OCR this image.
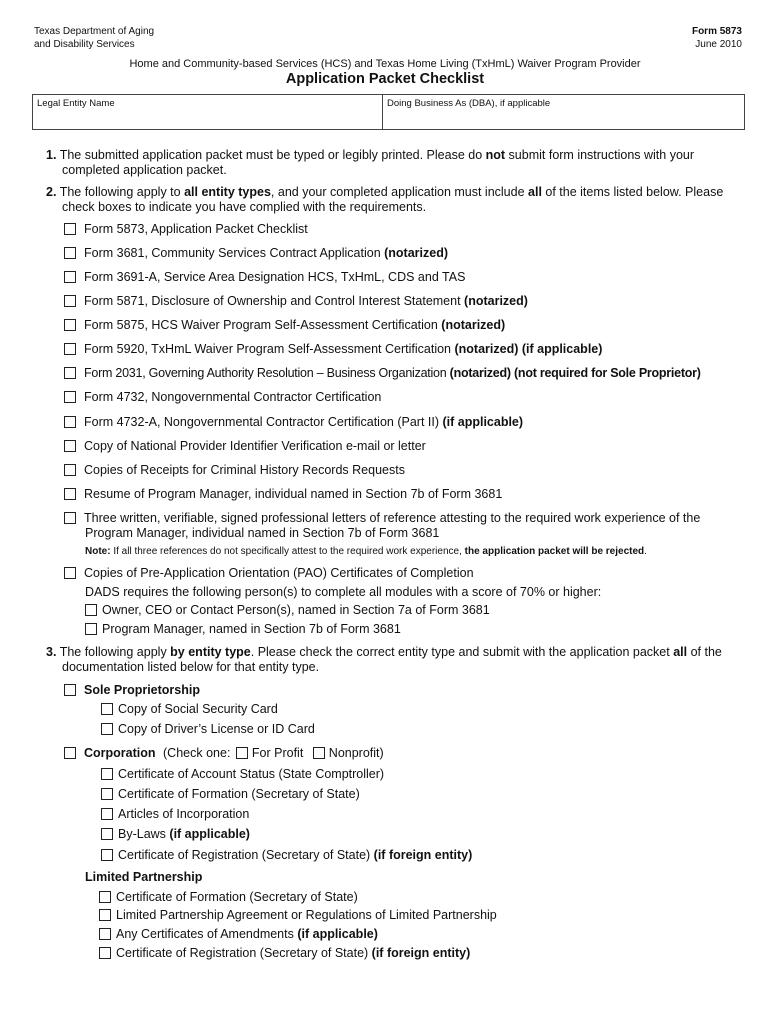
Texas Department of Aging
and Disability Services
Form 5873
June 2010
Home and Community-based Services (HCS) and Texas Home Living (TxHmL) Waiver Program Provider
Application Packet Checklist
Legal Entity Name	Doing Business As (DBA), if applicable
1. The submitted application packet must be typed or legibly printed. Please do not submit form instructions with your
completed application packet.
2. The following apply to all entity types, and your completed application must include all of the items listed below. Please
check boxes to indicate you have complied with the requirements.
Form 5873, Application Packet Checklist
Form 3681, Community Services Contract Application (notarized)
Form 3691-A, Service Area Designation HCS, TxHmL, CDS and TAS
Form 5871, Disclosure of Ownership and Control Interest Statement (notarized)
Form 5875, HCS Waiver Program Self-Assessment Certification (notarized)
Form 5920, TxHmL Waiver Program Self-Assessment Certification (notarized) (if applicable)
Form 2031, Governing Authority Resolution – Business Organization (notarized) (not required for Sole Proprietor)
Form 4732, Nongovernmental Contractor Certification
Form 4732-A, Nongovernmental Contractor Certification (Part II) (if applicable)
Copy of National Provider Identifier Verification e-mail or letter
Copies of Receipts for Criminal History Records Requests
Resume of Program Manager, individual named in Section 7b of Form 3681
Three written, verifiable, signed professional letters of reference attesting to the required work experience of the
Program Manager, individual named in Section 7b of Form 3681
Note: If all three references do not specifically attest to the required work experience, the application packet will be rejected.
Copies of Pre-Application Orientation (PAO) Certificates of Completion
DADS requires the following person(s) to complete all modules with a score of 70% or higher:
Owner, CEO or Contact Person(s), named in Section 7a of Form 3681
Program Manager, named in Section 7b of Form 3681
3. The following apply by entity type. Please check the correct entity type and submit with the application packet all of the
documentation listed below for that entity type.
Sole Proprietorship
Copy of Social Security Card
Copy of Driver’s License or ID Card
Corporation (Check one: For Profit Nonprofit)
Certificate of Account Status (State Comptroller)
Certificate of Formation (Secretary of State)
Articles of Incorporation
By-Laws (if applicable)
Certificate of Registration (Secretary of State) (if foreign entity)
Limited Partnership
Certificate of Formation (Secretary of State)
Limited Partnership Agreement or Regulations of Limited Partnership
Any Certificates of Amendments (if applicable)
Certificate of Registration (Secretary of State) (if foreign entity)
